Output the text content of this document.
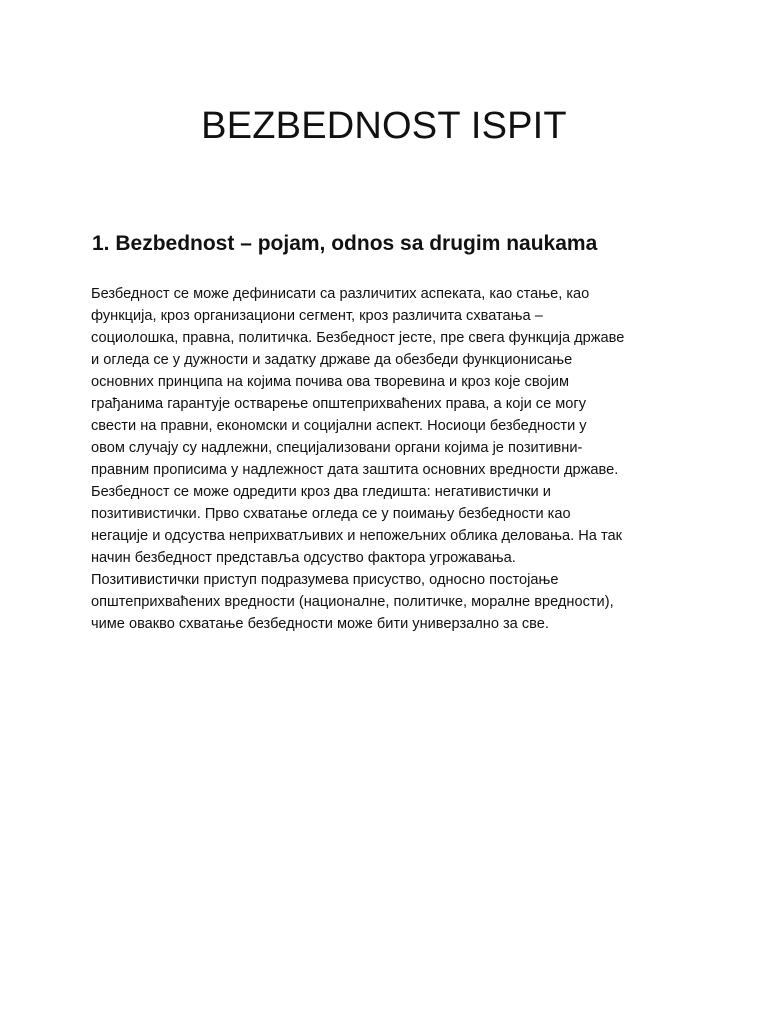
BEZBEDNOST ISPIT
1. Bezbednost – pojam, odnos sa drugim naukama
Безбедност се може дефинисати са различитих аспеката, као стање, као
функција, кроз организациони сегмент, кроз различита схватања –
социолошка, правна, политичка. Безбедност јесте, пре свега функција државе
и огледа се у дужности и задатку државе да обезбеди функционисање
основних принципа на којима почива ова творевина и кроз које својим
грађанима гарантује остварење општеприхваћених права, а који се могу
свести на правни, економски и социјални аспект. Носиоци безбедности у
овом случају су надлежни, специјализовани органи којима је позитивни-
правним прописима у надлежност дата заштита основних вредности државе.
Безбедност се може одредити кроз два гледишта: негативистички и
позитивистички. Прво схватање огледа се у поимању безбедности као
негације и одсуства неприхватљивих и непожељних облика деловања. На так
начин безбедност представља одсуство фактора угрожавања.
Позитивистички приступ подразумева присуство, односно постојање
општеприхваћених вредности (националне, политичке, моралне вредности),
чиме овакво схватање безбедности може бити универзално за све.
